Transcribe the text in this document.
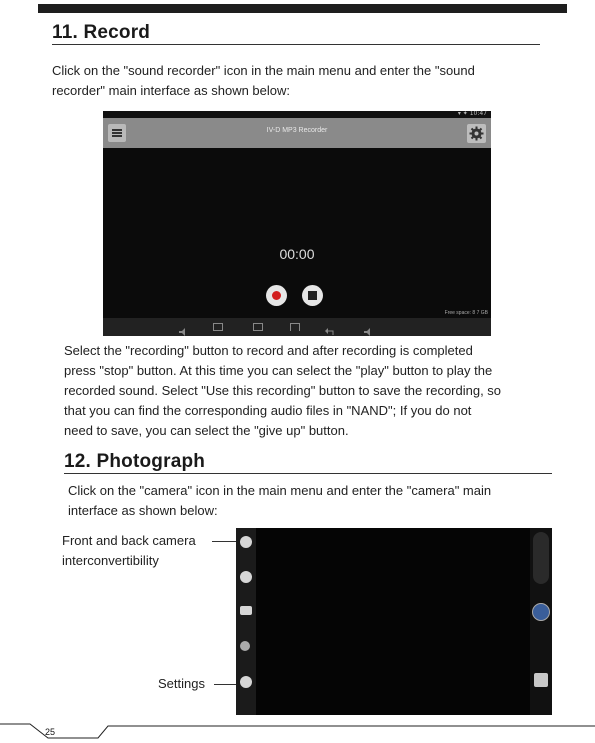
11. Record
Click on the "sound recorder" icon in the main menu and enter the "sound
recorder" main interface as shown below:
▾ ✦ 10:47
IV-D MP3 Recorder
00:00
Free space: 8 7 GB
Select the "recording" button to record and after recording is completed
press "stop" button. At this time you can select the "play" button to play the
recorded sound. Select "Use this recording" button to save the recording, so
that you can find the corresponding audio files in "NAND"; If you do not
need to save, you can select the "give up" button.
12. Photograph
Click on the "camera" icon in the main menu and enter the "camera" main
interface as shown below:
Front and back camera
interconvertibility
Settings
25
